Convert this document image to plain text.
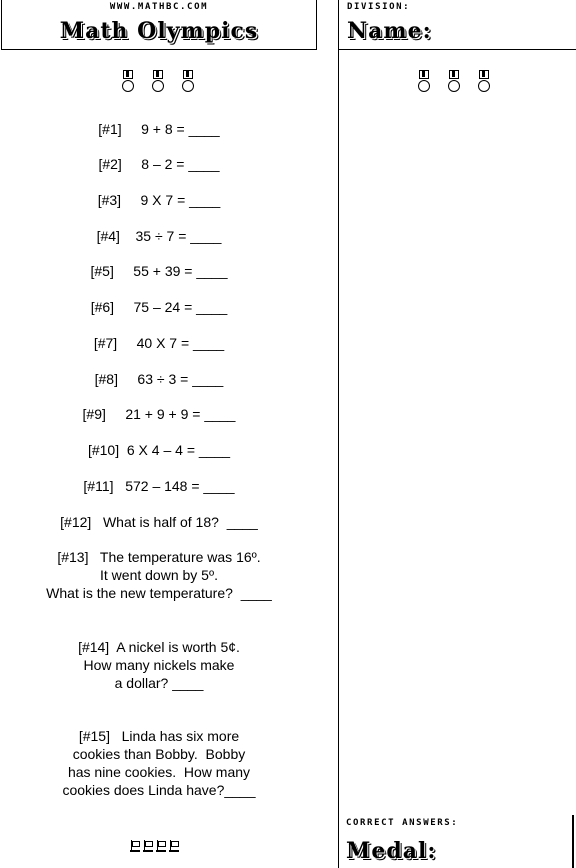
WWW.MATHBC.COM
Math Olympics
DIVISION:
Name:
[#1]     9 + 8 = ____
[#2]     8 – 2 = ____
[#3]     9 X 7 = ____
[#4]    35 ÷ 7 = ____
[#5]     55 + 39 = ____
[#6]     75 – 24 = ____
[#7]     40 X 7 = ____
[#8]     63 ÷ 3 = ____
[#9]     21 + 9 + 9 = ____
[#10]  6 X 4 – 4 = ____
[#11]   572 – 148 = ____
[#12]   What is half of 18?  ____
[#13]   The temperature was 16º.
It went down by 5º.
What is the new temperature?  ____
[#14]  A nickel is worth 5¢.
How many nickels make
a dollar? ____
[#15]   Linda has six more
cookies than Bobby.  Bobby
has nine cookies.  How many
cookies does Linda have?____
CORRECT ANSWERS:
Medal:
